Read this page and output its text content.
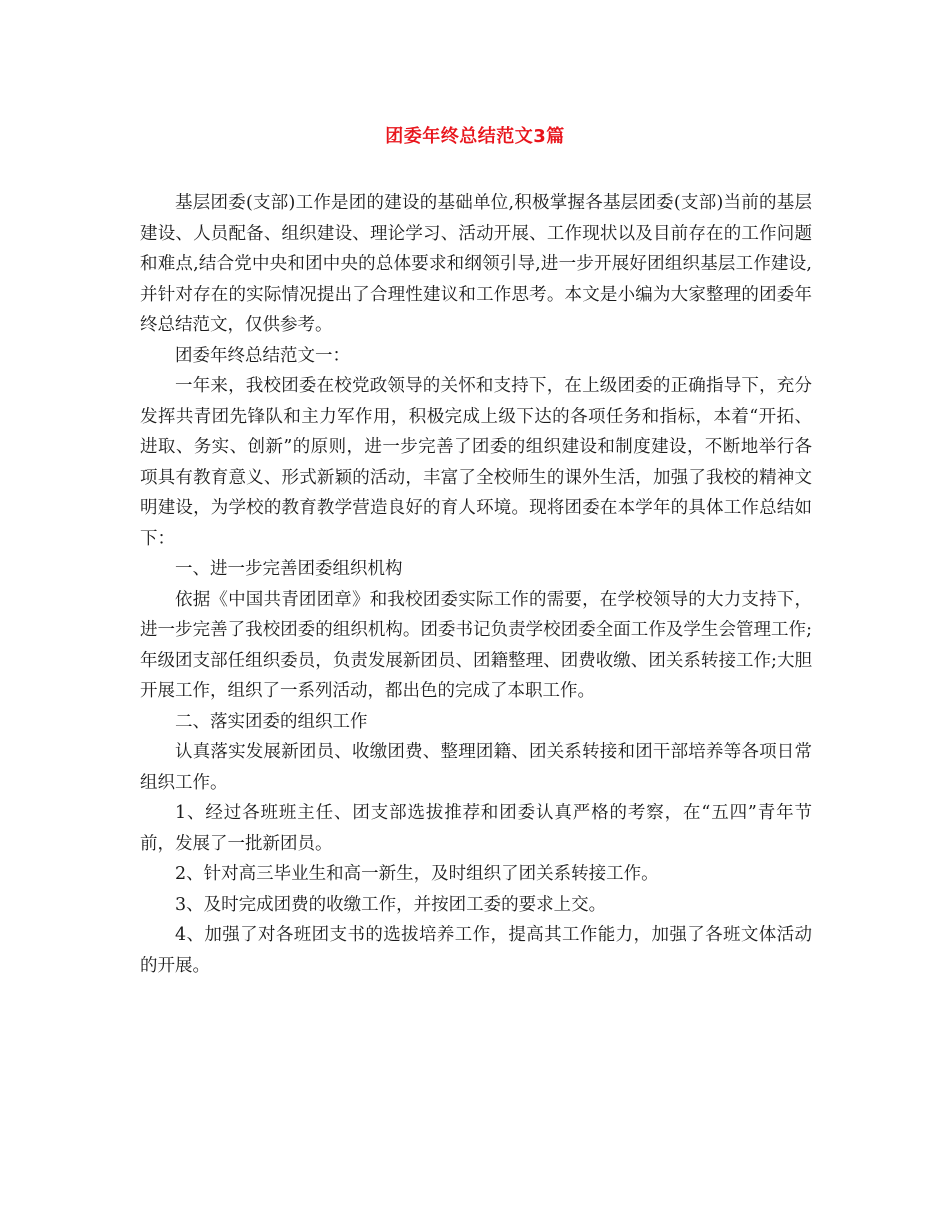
团委年终总结范文3篇

基层团委(支部)工作是团的建设的基础单位,积极掌握各基层团委(支部)当前的基层建设、人员配备、组织建设、理论学习、活动开展、工作现状以及目前存在的工作问题和难点,结合党中央和团中央的总体要求和纲领引导,进一步开展好团组织基层工作建设,并针对存在的实际情况提出了合理性建议和工作思考。本文是小编为大家整理的团委年终总结范文，仅供参考。

团委年终总结范文一：

一年来，我校团委在校党政领导的关怀和支持下，在上级团委的正确指导下，充分发挥共青团先锋队和主力军作用，积极完成上级下达的各项任务和指标，本着“开拓、进取、务实、创新”的原则，进一步完善了团委的组织建设和制度建设，不断地举行各项具有教育意义、形式新颖的活动，丰富了全校师生的课外生活，加强了我校的精神文明建设，为学校的教育教学营造良好的育人环境。现将团委在本学年的具体工作总结如下：

一、进一步完善团委组织机构

依据《中国共青团团章》和我校团委实际工作的需要，在学校领导的大力支持下，进一步完善了我校团委的组织机构。团委书记负责学校团委全面工作及学生会管理工作;年级团支部任组织委员，负责发展新团员、团籍整理、团费收缴、团关系转接工作;大胆开展工作，组织了一系列活动，都出色的完成了本职工作。

二、落实团委的组织工作

认真落实发展新团员、收缴团费、整理团籍、团关系转接和团干部培养等各项日常组织工作。

1、经过各班班主任、团支部选拔推荐和团委认真严格的考察，在“五四”青年节前，发展了一批新团员。

2、针对高三毕业生和高一新生，及时组织了团关系转接工作。

3、及时完成团费的收缴工作，并按团工委的要求上交。

4、加强了对各班团支书的选拔培养工作，提高其工作能力，加强了各班文体活动的开展。
